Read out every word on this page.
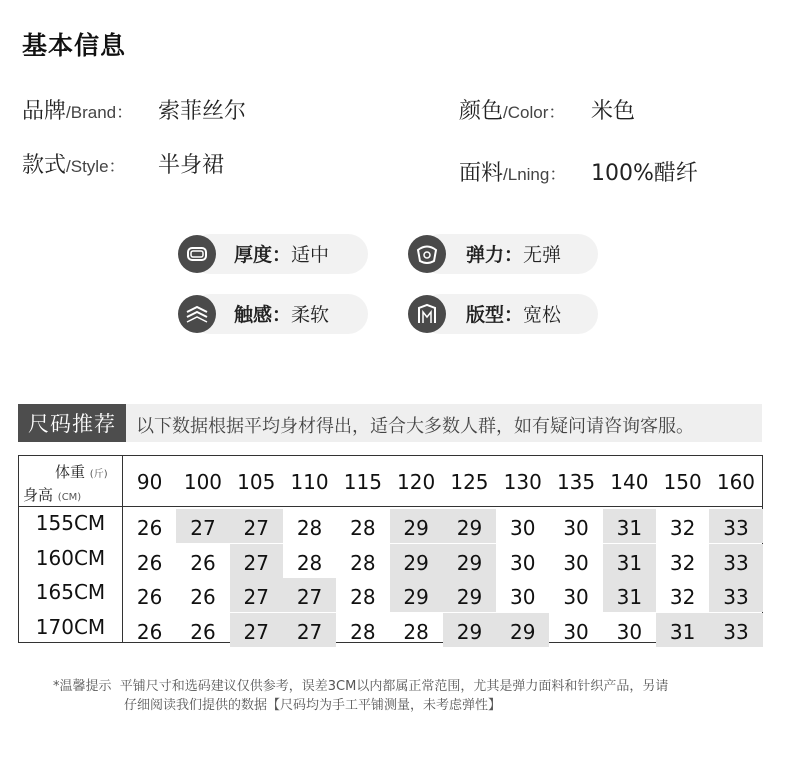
基本信息
品牌/Brand： 索菲丝尔	颜色/Color： 米色
款式/Style： 半身裙	面料/Lning： 100%醋纤
厚度：适中	弹力：无弹
触感：柔软	版型：宽松
尺码推荐	以下数据根据平均身材得出，适合大多数人群，如有疑问请咨询客服。
体重 (斤)
身高 (CM)
90	100 105 110 115 120 125 130 135 140 150 160
155CM	26	27	27	28	28	29	29	30	30	31	32	33
160CM	26	26	27	28	28	29	29	30	30	31	32	33
165CM	26	26	27	27	28	29	29	30	30	31	32	33
170CM	26	26	27	27	28	28	29	29	30	30	31	33
*温馨提示 平铺尺寸和选码建议仅供参考，误差3CM以内都属正常范围，尤其是弹力面料和针织产品，另请
仔细阅读我们提供的数据【尺码均为手工平铺测量，未考虑弹性】
